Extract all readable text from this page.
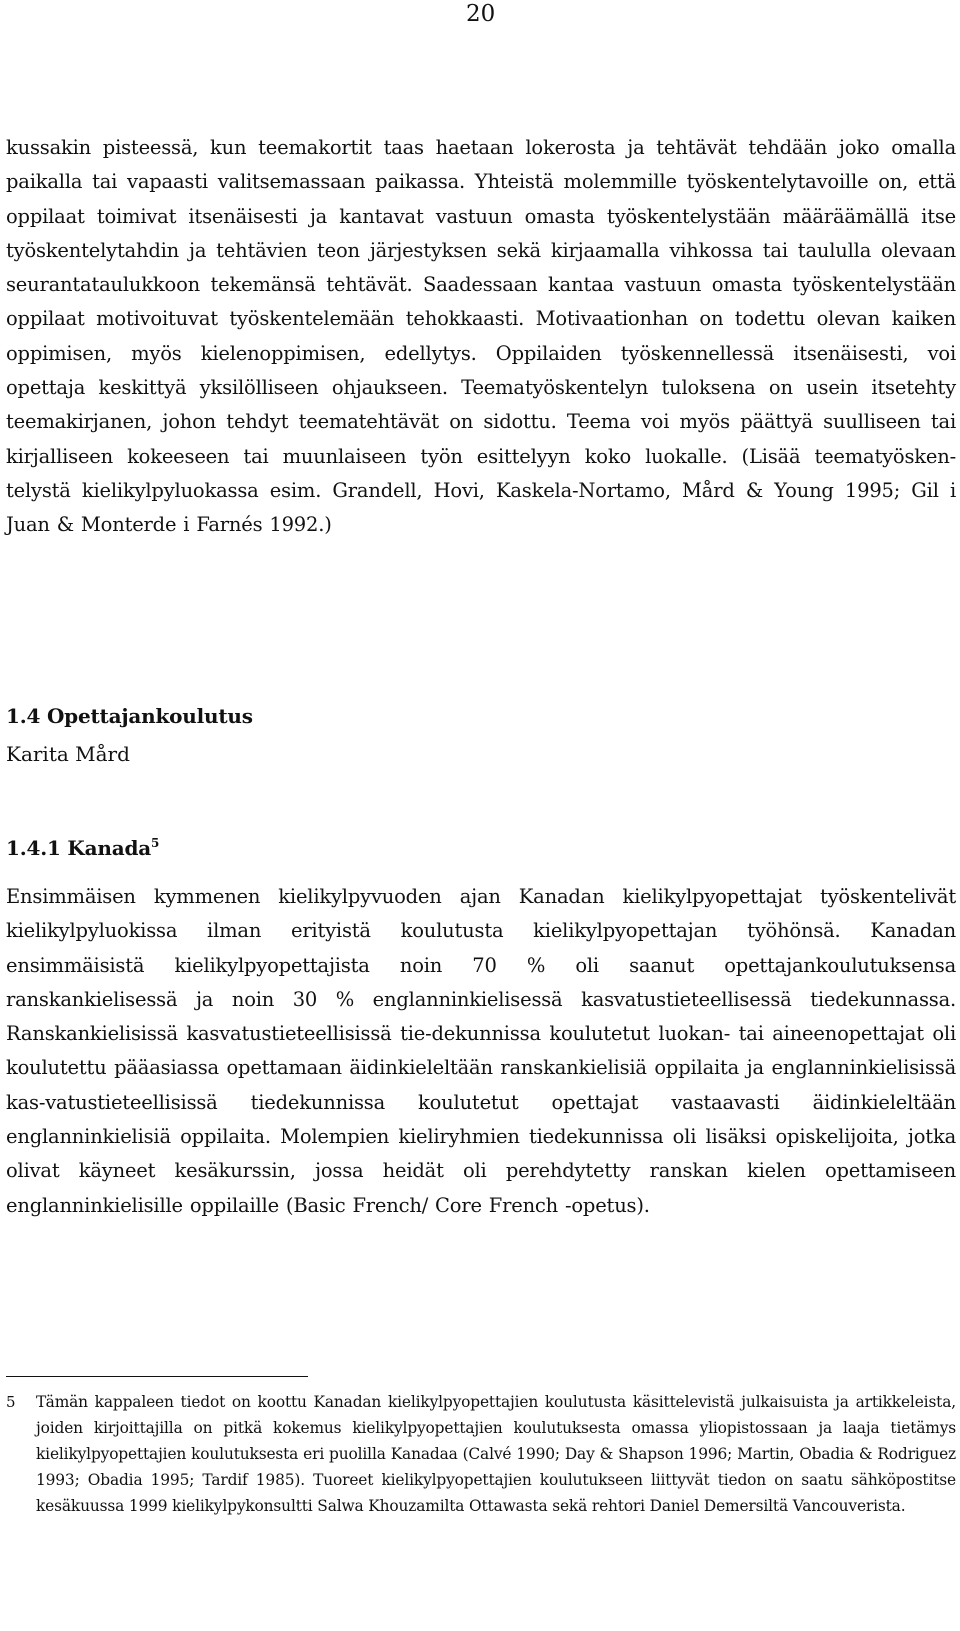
20

kussakin pisteessä, kun teemakortit taas haetaan lokerosta ja tehtävät tehdään joko omalla paikalla tai vapaasti valitsemassaan paikassa. Yhteistä molemmille työskentelytavoille on, että oppilaat toimivat itsenäisesti ja kantavat vastuun omasta työskentelystään määräämällä itse työskentelytahdin ja tehtävien teon järjestyksen sekä kirjaamalla vihkossa tai taululla olevaan seurantataulukkoon tekemänsä tehtävät. Saadessaan kantaa vastuun omasta työskentelystään oppilaat motivoituvat työskentelemään tehokkaasti. Motivaationhan on todettu olevan kaiken oppimisen, myös kielenoppimisen, edellytys. Oppilaiden työskennellessä itsenäisesti, voi opettaja keskittyä yksilölliseen ohjaukseen. Teematyöskentelyn tuloksena on usein itsetehty teemakirjanen, johon tehdyt teematehtävät on sidottu. Teema voi myös päättyä suulliseen tai kirjalliseen kokeeseen tai muunlaiseen työn esittelyyn koko luokalle. (Lisää teematyösken-telystä kielikylpyluokassa esim. Grandell, Hovi, Kaskela-Nortamo, Mård & Young 1995; Gil i Juan & Monterde i Farnés 1992.)

1.4 Opettajankoulutus

Karita Mård

1.4.1 Kanada$^5$

Ensimmäisen kymmenen kielikylpyvuoden ajan Kanadan kielikylpyopettajat työskentelivät kielikylpyluokissa ilman erityistä koulutusta kielikylpyopettajan työhönsä. Kanadan ensimmäisistä kielikylpyopettajista noin 70 % oli saanut opettajankoulutuksensa ranskankielisessä ja noin 30 % englanninkielisessä kasvatustieteellisessä tiedekunnassa. Ranskankielisissä kasvatustieteellisissä tie-dekunnissa koulutetut luokan- tai aineenopettajat oli koulutettu pääasiassa opettamaan äidinkieleltään ranskankielisiä oppilaita ja englanninkielisissä kas-vatustieteellisissä tiedekunnissa koulutetut opettajat vastaavasti äidinkieleltään englanninkielisiä oppilaita. Molempien kieliryhmien tiedekunnissa oli lisäksi opiskelijoita, jotka olivat käyneet kesäkurssin, jossa heidät oli perehdytetty ranskan kielen opettamiseen englanninkielisille oppilaille (Basic French/ Core French -opetus).

5 Tämän kappaleen tiedot on koottu Kanadan kielikylpyopettajien koulutusta käsittelevistä julkaisuista ja artikkeleista, joiden kirjoittajilla on pitkä kokemus kielikylpyopettajien koulutuksesta omassa yliopistossaan ja laaja tietämys kielikylpyopettajien koulutuksesta eri puolilla Kanadaa (Calvé 1990; Day & Shapson 1996; Martin, Obadia & Rodriguez 1993; Obadia 1995; Tardif 1985). Tuoreet kielikylpyopettajien koulutukseen liittyvät tiedon on saatu sähköpostitse kesäkuussa 1999 kielikylpykonsultti Salwa Khouzamilta Ottawasta sekä rehtori Daniel Demersiltä Vancouverista.
